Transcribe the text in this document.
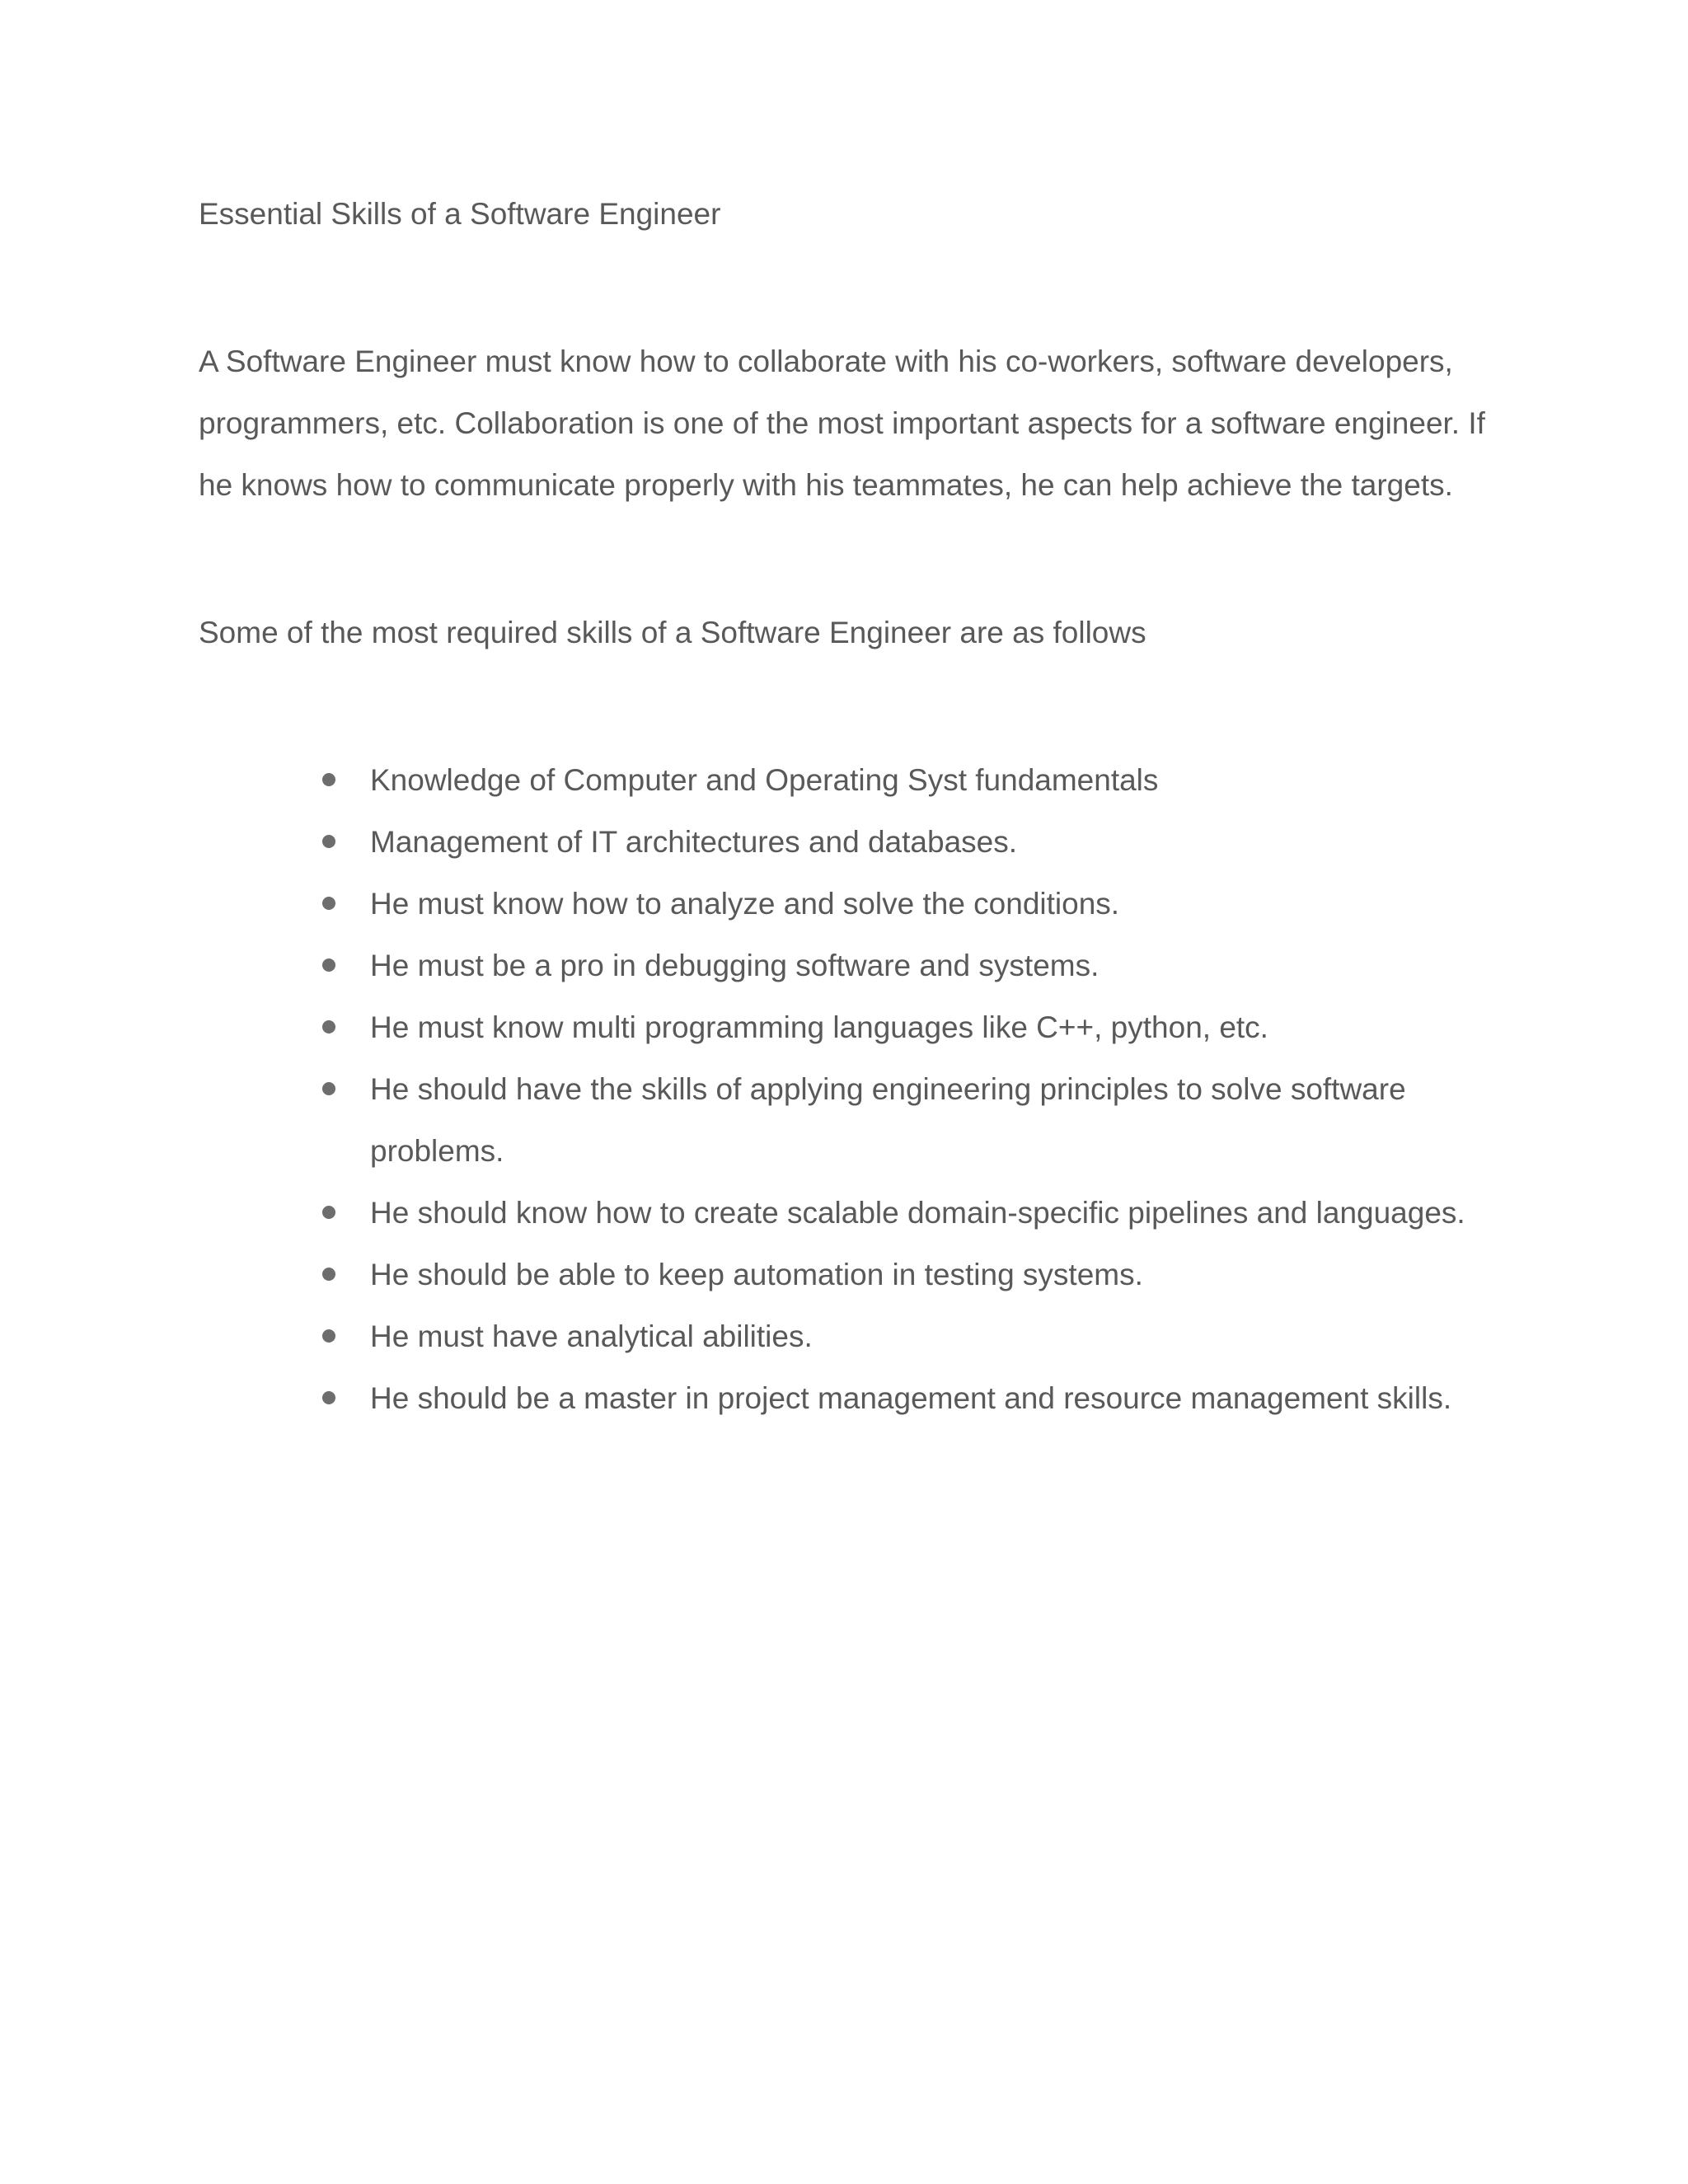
Essential Skills of a Software Engineer

A Software Engineer must know how to collaborate with his co-workers, software developers, programmers, etc. Collaboration is one of the most important aspects for a software engineer. If he knows how to communicate properly with his teammates, he can help achieve the targets.

Some of the most required skills of a Software Engineer are as follows

Knowledge of Computer and Operating Syst fundamentals
Management of IT architectures and databases.
He must know how to analyze and solve the conditions.
He must be a pro in debugging software and systems.
He must know multi programming languages like C++, python, etc.
He should have the skills of applying engineering principles to solve software problems.
He should know how to create scalable domain-specific pipelines and languages.
He should be able to keep automation in testing systems.
He must have analytical abilities.
He should be a master in project management and resource management skills.
